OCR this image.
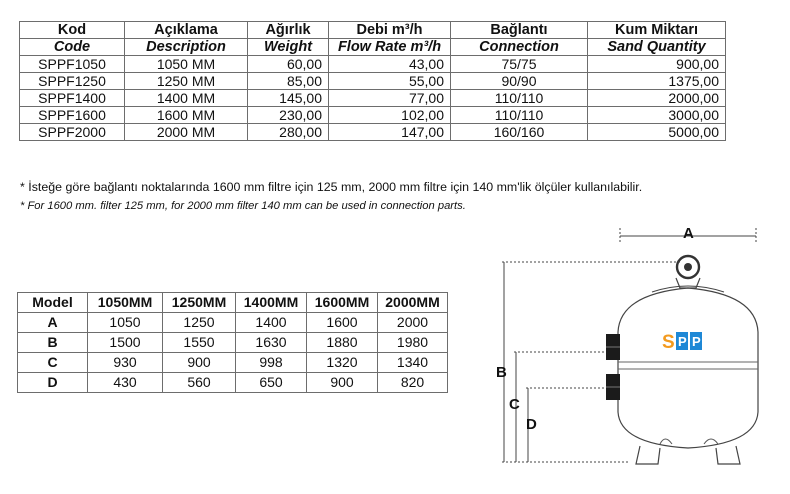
Kod	Açıklama	Ağırlık	Debi m³/h	Bağlantı	Kum Miktarı
Code	Description	Weight	Flow Rate m³/h	Connection	Sand Quantity
SPPF1050	1050 MM	60,00	43,00	75/75	900,00
SPPF1250	1250 MM	85,00	55,00	90/90	1375,00
SPPF1400	1400 MM	145,00	77,00	110/110	2000,00
SPPF1600	1600 MM	230,00	102,00	110/110	3000,00
SPPF2000	2000 MM	280,00	147,00	160/160	5000,00
* İsteğe göre bağlantı noktalarında 1600 mm filtre için 125 mm, 2000 mm filtre için 140 mm'lik ölçüler kullanılabilir.
* For 1600 mm. filter 125 mm, for 2000 mm filter 140 mm can be used in connection parts.
Model	1050MM	1250MM	1400MM	1600MM	2000MM
A	1050	1250	1400	1600	2000
B	1500	1550	1630	1880	1980
C	930	900	998	1320	1340
D	430	560	650	900	820
S P P
A
B
C
D
